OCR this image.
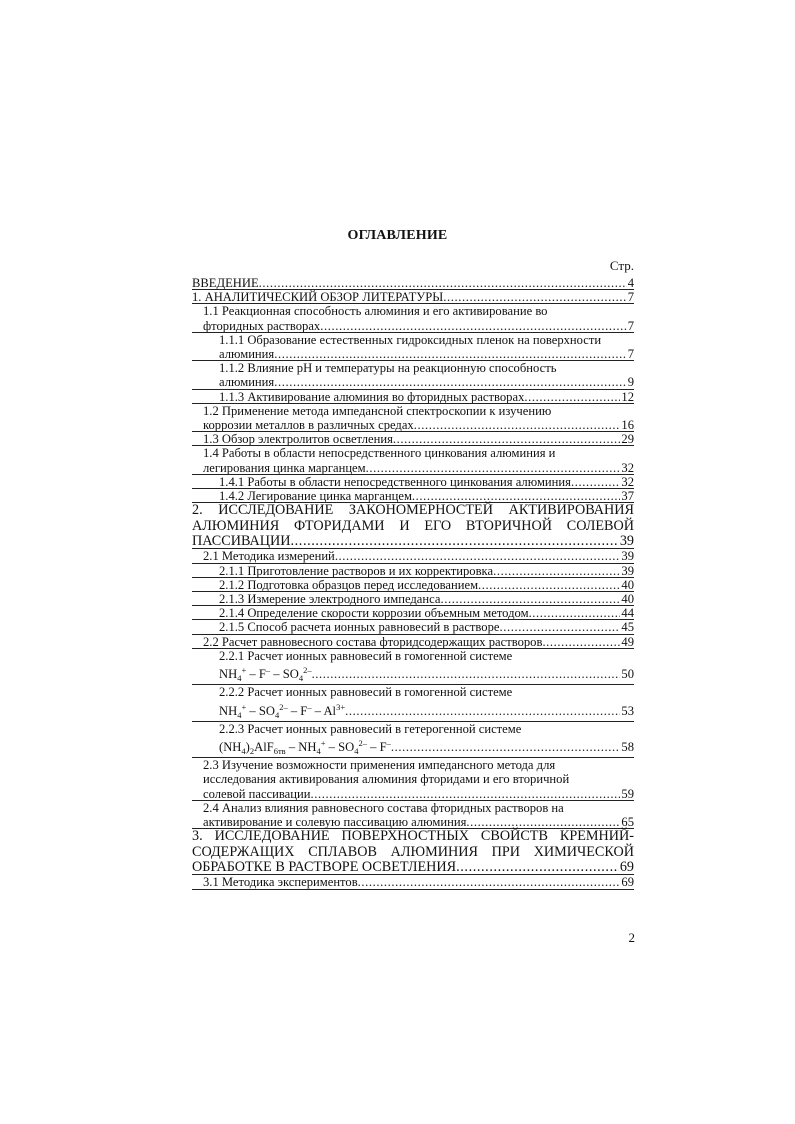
ОГЛАВЛЕНИЕ
Стр.
ВВЕДЕНИЕ .....	4
1. АНАЛИТИЧЕСКИЙ ОБЗОР ЛИТЕРАТУРЫ .....	7
1.1 Реакционная способность алюминия и его активирование во
фторидных растворах .....	7
1.1.1 Образование естественных гидроксидных пленок на поверхности
алюминия .....	7
1.1.2 Влияние pH и температуры на реакционную способность
алюминия .....	9
1.1.3 Активирование алюминия во фторидных растворах .....	12
1.2 Применение метода импедансной спектроскопии к изучению
коррозии металлов в различных средах .....	16
1.3 Обзор электролитов осветления .....	29
1.4 Работы в области непосредственного цинкования алюминия и
легирования цинка марганцем .....	32
1.4.1 Работы в области непосредственного цинкования алюминия .....	32
1.4.2 Легирование цинка марганцем .....	37
2. ИССЛЕДОВАНИЕ ЗАКОНОМЕРНОСТЕЙ АКТИВИРОВАНИЯ
АЛЮМИНИЯ ФТОРИДАМИ И ЕГО ВТОРИЧНОЙ СОЛЕВОЙ
ПАССИВАЦИИ .....	39
2.1 Методика измерений .....	39
2.1.1 Приготовление растворов и их корректировка .....	39
2.1.2 Подготовка образцов перед исследованием .....	40
2.1.3 Измерение электродного импеданса .....	40
2.1.4 Определение скорости коррозии объемным методом .....	44
2.1.5 Способ расчета ионных равновесий в растворе .....	45
2.2 Расчет равновесного состава фторидсодержащих растворов .....	49
2.2.1 Расчет ионных равновесий в гомогенной системе
$NH_4^+ - F^- - SO_4^{2-}$ .....	50
2.2.2 Расчет ионных равновесий в гомогенной системе
$NH_4^+ - SO_4^{2-} - F^- - Al^{3+}$ .....	53
2.2.3 Расчет ионных равновесий в гетерогенной системе
$(NH_4)_2AlF_{6тв} - NH_4^+ - SO_4^{2-} - F^-$ .....	58
2.3 Изучение возможности применения импедансного метода для
исследования активирования алюминия фторидами и его вторичной
солевой пассивации .....	59
2.4 Анализ влияния равновесного состава фторидных растворов на
активирование и солевую пассивацию алюминия .....	65
3. ИССЛЕДОВАНИЕ ПОВЕРХНОСТНЫХ СВОЙСТВ КРЕМНИЙ-
СОДЕРЖАЩИХ СПЛАВОВ АЛЮМИНИЯ ПРИ ХИМИЧЕСКОЙ
ОБРАБОТКЕ В РАСТВОРЕ ОСВЕТЛЕНИЯ .....	69
3.1 Методика экспериментов .....	69
2
